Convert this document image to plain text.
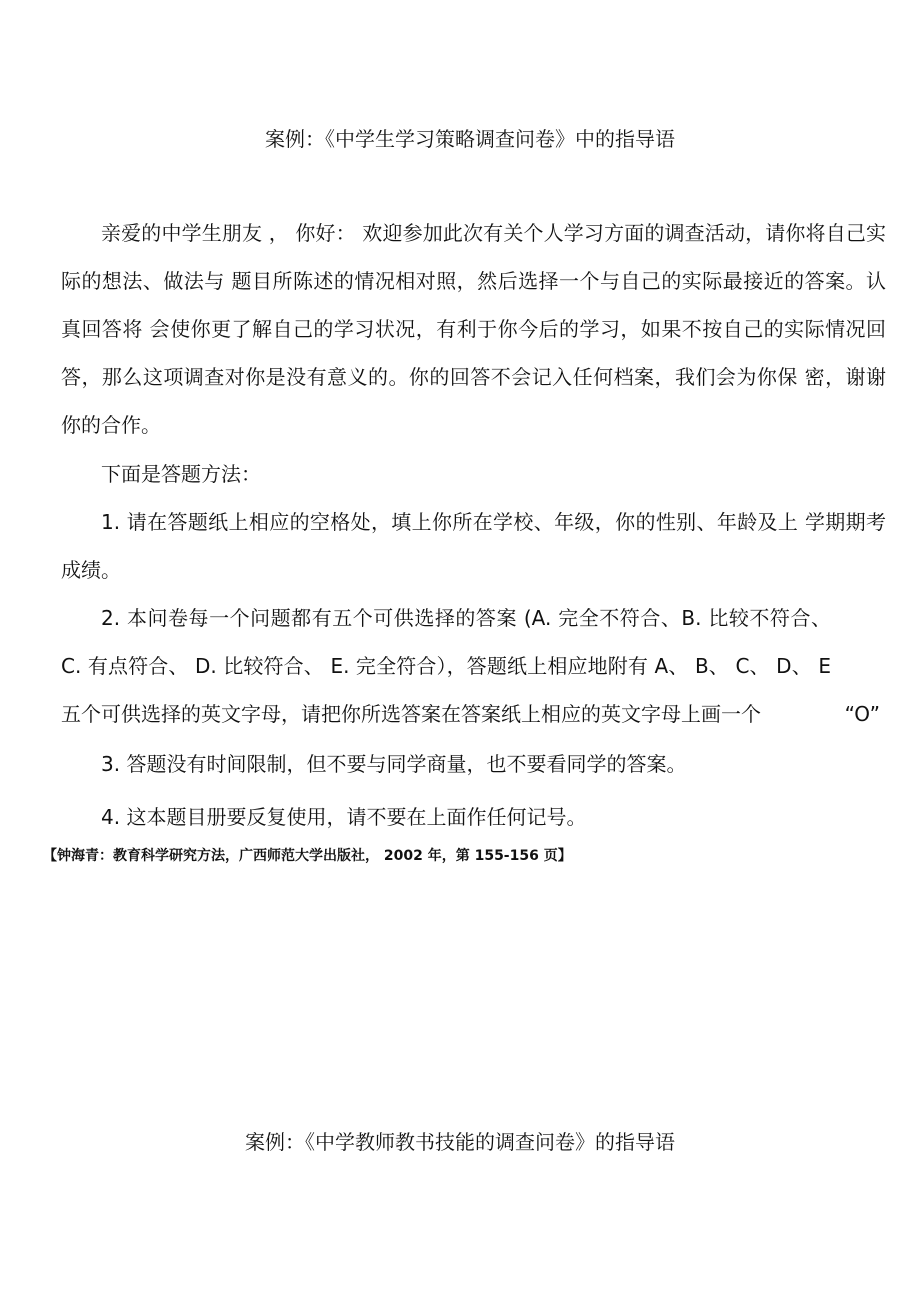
案例：《中学生学习策略调查问卷》中的指导语

亲爱的中学生朋友 ， 你好： 欢迎参加此次有关个人学习方面的调查活动，请你将自己实际的想法、做法与 题目所陈述的情况相对照，然后选择一个与自己的实际最接近的答案。认真回答将 会使你更了解自己的学习状况，有利于你今后的学习，如果不按自己的实际情况回 答，那么这项调查对你是没有意义的。你的回答不会记入任何档案，我们会为你保 密，谢谢你的合作。

下面是答题方法：

1. 请在答题纸上相应的空格处，填上你所在学校、年级，你的性别、年龄及上 学期期考成绩。

2. 本问卷每一个问题都有五个可供选择的答案 (A. 完全不符合、B. 比较不符合、C. 有点符合、 D. 比较符合、 E. 完全符合），答题纸上相应地附有 A、 B、 C、 D、 E 五个可供选择的英文字母，请把你所选答案在答案纸上相应的英文字母上画一个	“O”

3. 答题没有时间限制，但不要与同学商量，也不要看同学的答案。

4. 这本题目册要反复使用，请不要在上面作任何记号。

【钟海青：教育科学研究方法，广西师范大学出版社， 2002 年，第 155-156 页】
案例：《中学教师教书技能的调查问卷》的指导语
